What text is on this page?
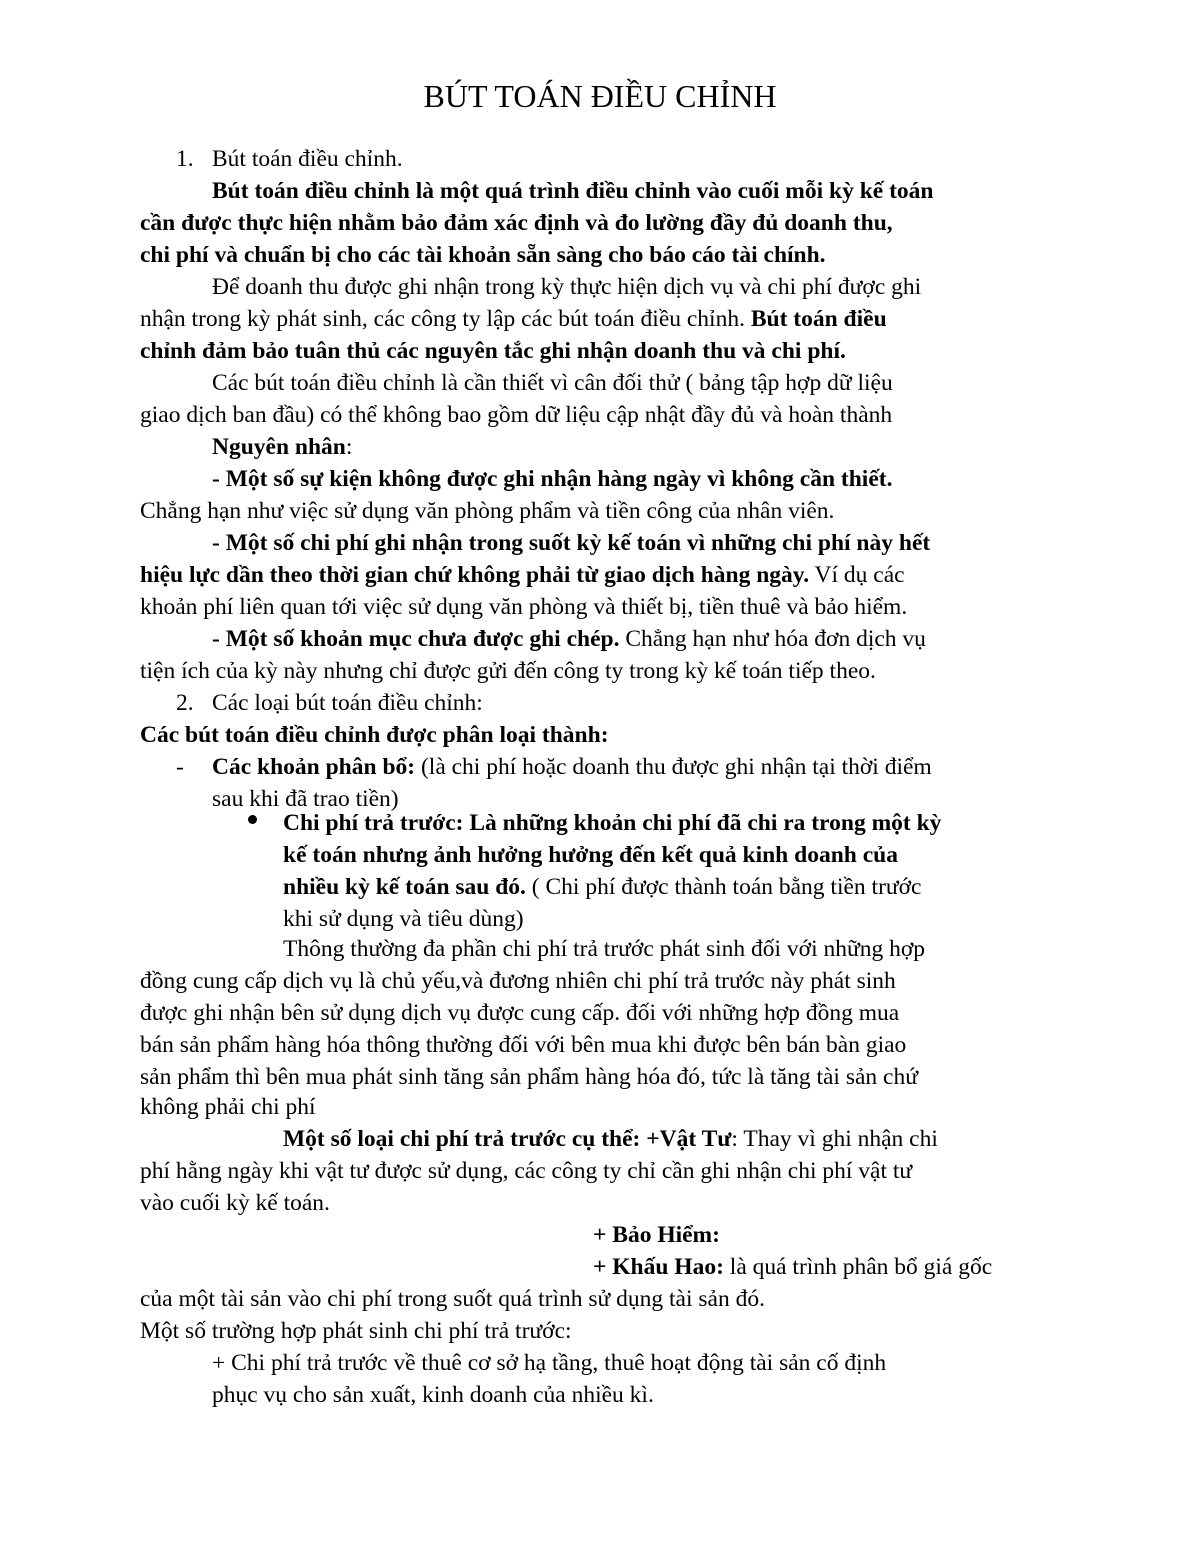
BÚT TOÁN ĐIỀU CHỈNH
1. Bút toán điều chỉnh.
Bút toán điều chỉnh là một quá trình điều chỉnh vào cuối mỗi kỳ kế toán
cần được thực hiện nhằm bảo đảm xác định và đo lường đầy đủ doanh thu,
chi phí và chuẩn bị cho các tài khoản sẵn sàng cho báo cáo tài chính.
Để doanh thu được ghi nhận trong kỳ thực hiện dịch vụ và chi phí được ghi
nhận trong kỳ phát sinh, các công ty lập các bút toán điều chỉnh. Bút toán điều
chỉnh đảm bảo tuân thủ các nguyên tắc ghi nhận doanh thu và chi phí.
Các bút toán điều chỉnh là cần thiết vì cân đối thử ( bảng tập hợp dữ liệu
giao dịch ban đầu) có thể không bao gồm dữ liệu cập nhật đầy đủ và hoàn thành
Nguyên nhân:
- Một số sự kiện không được ghi nhận hàng ngày vì không cần thiết.
Chẳng hạn như việc sử dụng văn phòng phẩm và tiền công của nhân viên.
- Một số chi phí ghi nhận trong suốt kỳ kế toán vì những chi phí này hết
hiệu lực dần theo thời gian chứ không phải từ giao dịch hàng ngày. Ví dụ các
khoản phí liên quan tới việc sử dụng văn phòng và thiết bị, tiền thuê và bảo hiểm.
- Một số khoản mục chưa được ghi chép. Chẳng hạn như hóa đơn dịch vụ
tiện ích của kỳ này nhưng chỉ được gửi đến công ty trong kỳ kế toán tiếp theo.
2. Các loại bút toán điều chỉnh:
Các bút toán điều chỉnh được phân loại thành:
- Các khoản phân bổ: (là chi phí hoặc doanh thu được ghi nhận tại thời điểm
sau khi đã trao tiền)
Chi phí trả trước: Là những khoản chi phí đã chi ra trong một kỳ
kế toán nhưng ảnh hưởng hưởng đến kết quả kinh doanh của
nhiều kỳ kế toán sau đó. ( Chi phí được thành toán bằng tiền trước
khi sử dụng và tiêu dùng)
Thông thường đa phần chi phí trả trước phát sinh đối với những hợp
đồng cung cấp dịch vụ là chủ yếu,và đương nhiên chi phí trả trước này phát sinh
được ghi nhận bên sử dụng dịch vụ được cung cấp. đối với những hợp đồng mua
bán sản phẩm hàng hóa thông thường đối với bên mua khi được bên bán bàn giao
sản phẩm thì bên mua phát sinh tăng sản phẩm hàng hóa đó, tức là tăng tài sản chứ
không phải chi phí
Một số loại chi phí trả trước cụ thể: +Vật Tư: Thay vì ghi nhận chi
phí hằng ngày khi vật tư được sử dụng, các công ty chỉ cần ghi nhận chi phí vật tư
vào cuối kỳ kế toán.
+ Bảo Hiểm:
+ Khấu Hao: là quá trình phân bổ giá gốc
của một tài sản vào chi phí trong suốt quá trình sử dụng tài sản đó.
Một số trường hợp phát sinh chi phí trả trước:
+ Chi phí trả trước về thuê cơ sở hạ tầng, thuê hoạt động tài sản cố định
phục vụ cho sản xuất, kinh doanh của nhiều kì.
